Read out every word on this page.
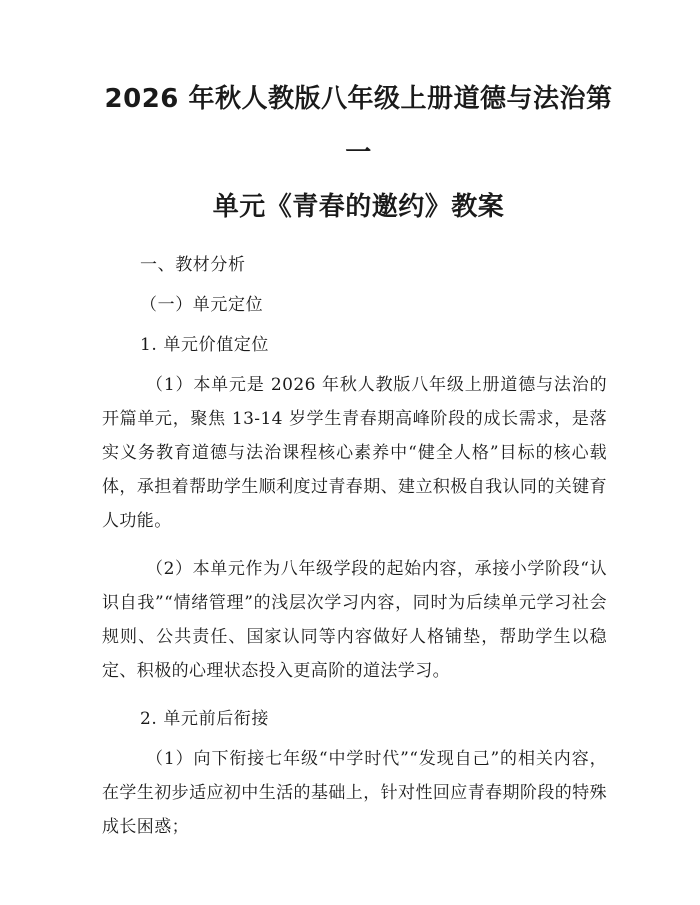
2026 年秋人教版八年级上册道德与法治第一
单元《青春的邀约》教案

一、教材分析

（一）单元定位

1. 单元价值定位

（1）本单元是 2026 年秋人教版八年级上册道德与法治的开篇单元，聚焦 13-14 岁学生青春期高峰阶段的成长需求，是落实义务教育道德与法治课程核心素养中“健全人格”目标的核心载体，承担着帮助学生顺利度过青春期、建立积极自我认同的关键育人功能。

（2）本单元作为八年级学段的起始内容，承接小学阶段“认识自我”“情绪管理”的浅层次学习内容，同时为后续单元学习社会规则、公共责任、国家认同等内容做好人格铺垫，帮助学生以稳定、积极的心理状态投入更高阶的道法学习。

2. 单元前后衔接

（1）向下衔接七年级“中学时代”“发现自己”的相关内容，在学生初步适应初中生活的基础上，针对性回应青春期阶段的特殊成长困惑；
